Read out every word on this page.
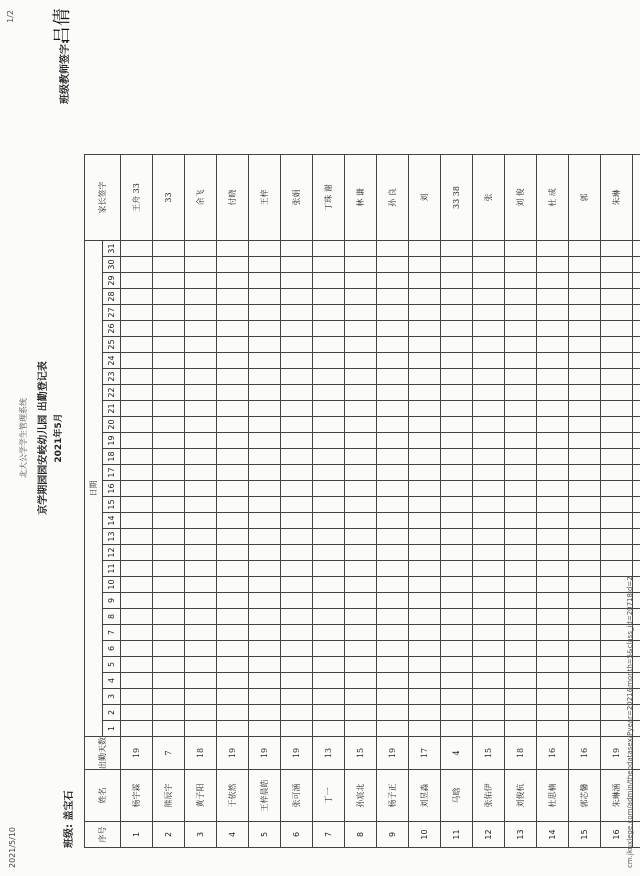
2021/5/10
北大公学学生管理系统
1/2
京学期园园安岐幼儿园 出勤登记表 2021年5月
班级: 盖宝石
班级教师签字:
吕倩
序号	姓名	出勤天数	日期																															家长签字
			1	2	3	4	5	6	7	8	9	10	11	12	13	14	15	16	17	18	19	20	21	22	23	24	25	26	27	28	29	30	31	
1	杨宇霖	19																																王舟 33
2	熊辰宇	7																																33
3	黄子阳	18																																余飞
4	于依然	19																																付晓
5	王梓晨皓	19																																王梓
6	张可涵	19																																张娟
7	丁一	13																																丁珠 谢
8	孙宸北	15																																林 谦
9	杨子正	19																																孙 良
10	刘昱淼	17																																刘
11	马晗	4																																33 38
12	张佑伊	15																																张
13	刘俊杭	18																																刘 俊
14	杜思楠	16																																杜 成
15	郭芯馨	16																																郭
16	朱琳涵	19																																朱琳

cm.jkuxlege.com/admin/thebdatasex/Pyear=2021&month=5&class_id=20718id=2
